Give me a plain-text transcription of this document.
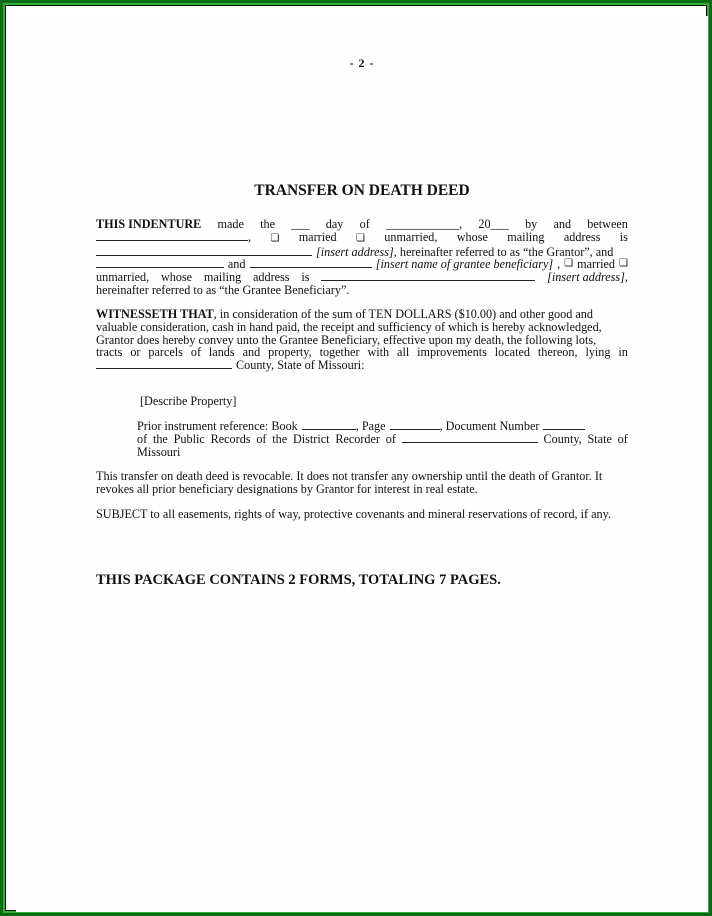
- 2 -
TRANSFER ON DEATH DEED
THIS INDENTURE made the ___ day of ____________, 20___ by and between
, ❏ married ❏ unmarried, whose mailing address is
[insert address], hereinafter referred to as “the Grantor”, and
and	[insert name of grantee beneficiary] , ❏ married ❏
unmarried, whose mailing address is	[insert address],
hereinafter referred to as “the Grantee Beneficiary”.
WITNESSETH THAT, in consideration of the sum of TEN DOLLARS ($10.00) and other good and
valuable consideration, cash in hand paid, the receipt and sufficiency of which is hereby acknowledged,
Grantor does hereby convey unto the Grantee Beneficiary, effective upon my death, the following lots,
tracts or parcels of lands and property, together with all improvements located thereon, lying in
County, State of Missouri:
[Describe Property]
Prior instrument reference: Book	, Page	, Document Number
of the Public Records of the District Recorder of	County, State of
Missouri
This transfer on death deed is revocable. It does not transfer any ownership until the death of Grantor. It
revokes all prior beneficiary designations by Grantor for interest in real estate.
SUBJECT to all easements, rights of way, protective covenants and mineral reservations of record, if any.
THIS PACKAGE CONTAINS 2 FORMS, TOTALING 7 PAGES.
